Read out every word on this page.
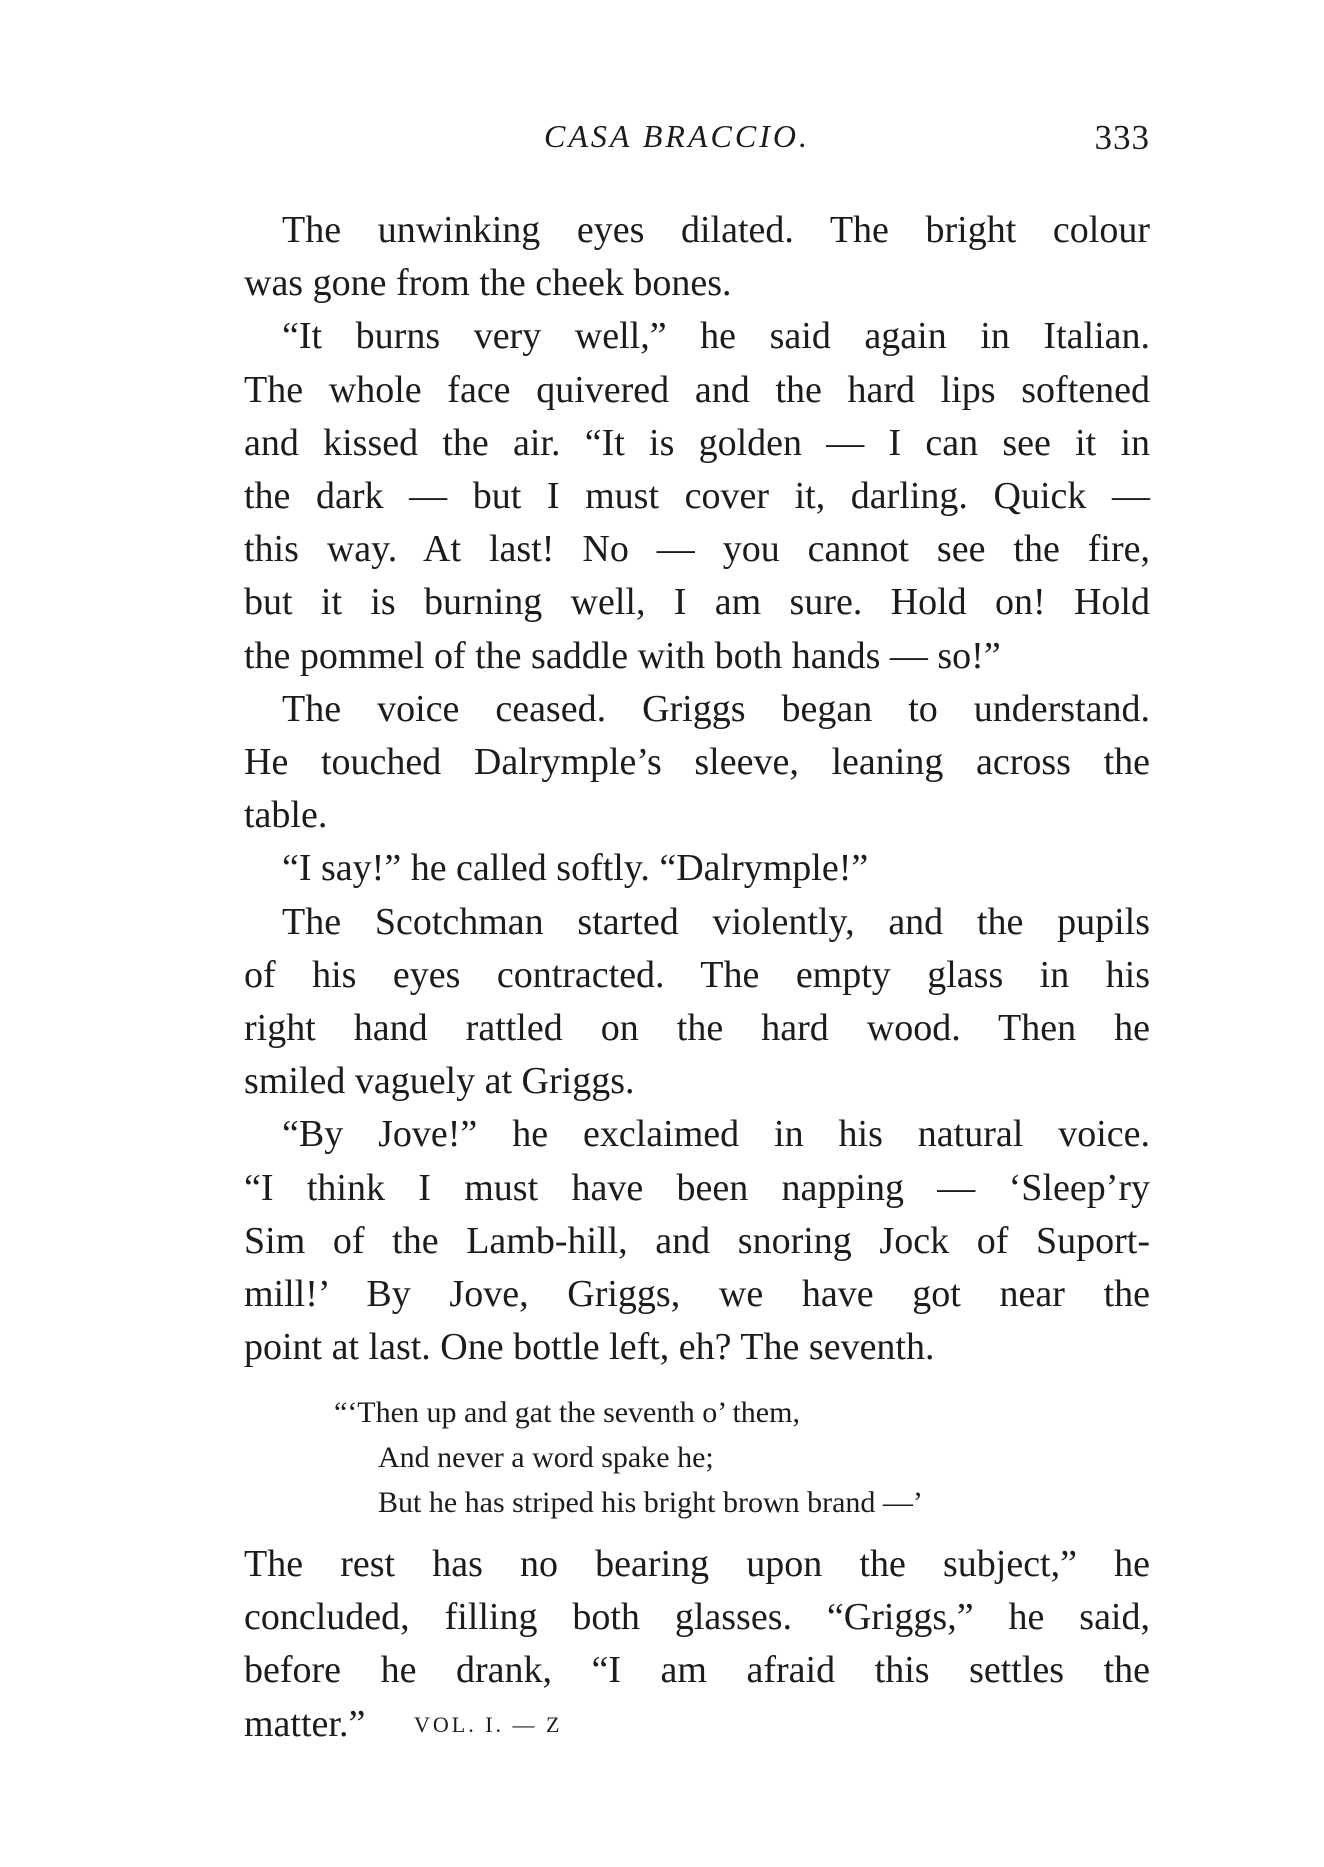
CASA BRACCIO.	333
The unwinking eyes dilated. The bright colour
was gone from the cheek bones.
“It burns very well,” he said again in Italian.
The whole face quivered and the hard lips softened
and kissed the air. “It is golden — I can see it in
the dark — but I must cover it, darling. Quick —
this way. At last! No — you cannot see the fire,
but it is burning well, I am sure. Hold on! Hold
the pommel of the saddle with both hands — so!”
The voice ceased. Griggs began to understand.
He touched Dalrymple’s sleeve, leaning across the
table.
“I say!” he called softly. “Dalrymple!”
The Scotchman started violently, and the pupils
of his eyes contracted. The empty glass in his
right hand rattled on the hard wood. Then he
smiled vaguely at Griggs.
“By Jove!” he exclaimed in his natural voice.
“I think I must have been napping — ‘Sleep’ry
Sim of the Lamb-hill, and snoring Jock of Suport-
mill!’ By Jove, Griggs, we have got near the
point at last. One bottle left, eh? The seventh.
“‘Then up and gat the seventh o’ them,
And never a word spake he;
But he has striped his bright brown brand —’
The rest has no bearing upon the subject,” he
concluded, filling both glasses. “Griggs,” he said,
before he drank, “I am afraid this settles the
matter.”	VOL. I. — Z
